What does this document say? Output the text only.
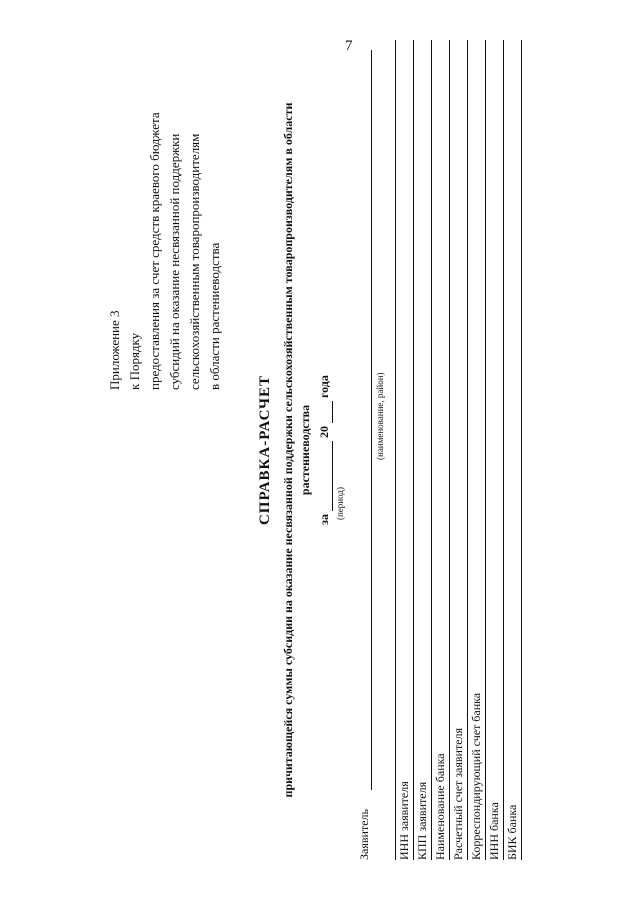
7
Приложение 3 к Порядку предоставления за счет средств краевого бюджета субсидий на оказание несвязанной поддержки сельскохозяйственным товаропроизводителям в области растениеводства
СПРАВКА-РАСЧЕТ причитающейся суммы субсидии на оказание несвязанной поддержки сельскохозяйственным товаропроизводителям в области растениеводства
за   20   года
(период)
Заявитель
(наименование, район)
ИНН заявителя КПП заявителя Наименование банка Расчетный счет заявителя Корреспондирующий счет банка ИНН банка БИК банка
